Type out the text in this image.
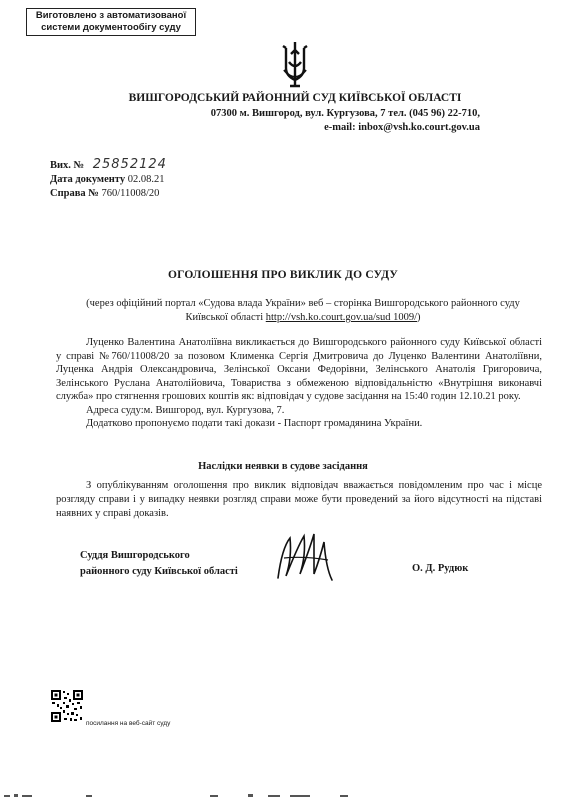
Виготовлено з автоматизованої
системи документообігу суду
ВИШГОРОДСЬКИЙ РАЙОННИЙ СУД КИЇВСЬКОЇ ОБЛАСТІ
07300 м. Вишгород, вул. Кургузова, 7 тел. (045 96) 22-710,
e-mail: inbox@vsh.ko.court.gov.ua
Вих. № 25852124
Дата документу 02.08.21
Справа № 760/11008/20
ОГОЛОШЕННЯ ПРО ВИКЛИК ДО СУДУ
(через офіційний портал «Судова влада України» веб – сторінка Вишгородського районного суду
Київської області http://vsh.ko.court.gov.ua/sud 1009/)

Луценко Валентина Анатоліївна викликається до Вишгородського районного суду Київської області у справі №760/11008/20 за позовом Клименка Сергія Дмитровича до Луценко Валентини Анатоліївни, Луценка Андрія Олександровича, Зелінської Оксани Федорівни, Зелінського Анатолія Григоровича, Зелінського Руслана Анатолійовича, Товариства з обмеженою відповідальністю «Внутрішня виконавчі служба» про стягнення грошових коштів як: відповідач у судове засідання на 15:40 годин 12.10.21 року.

Адреса суду:м. Вишгород, вул. Кургузова, 7.

Додатково пропонуємо подати такі докази - Паспорт громадянина України.

Наслідки неявки в судове засідання

З опублікуванням оголошення про виклик відповідач вважається повідомленим про час і місце розгляду справи і у випадку неявки розгляд справи може бути проведений за його відсутності на підставі наявних у справі доказів.

Суддя Вишгородського
районного суду Київської області	О. Д. Рудюк
посилання на веб-сайт суду
